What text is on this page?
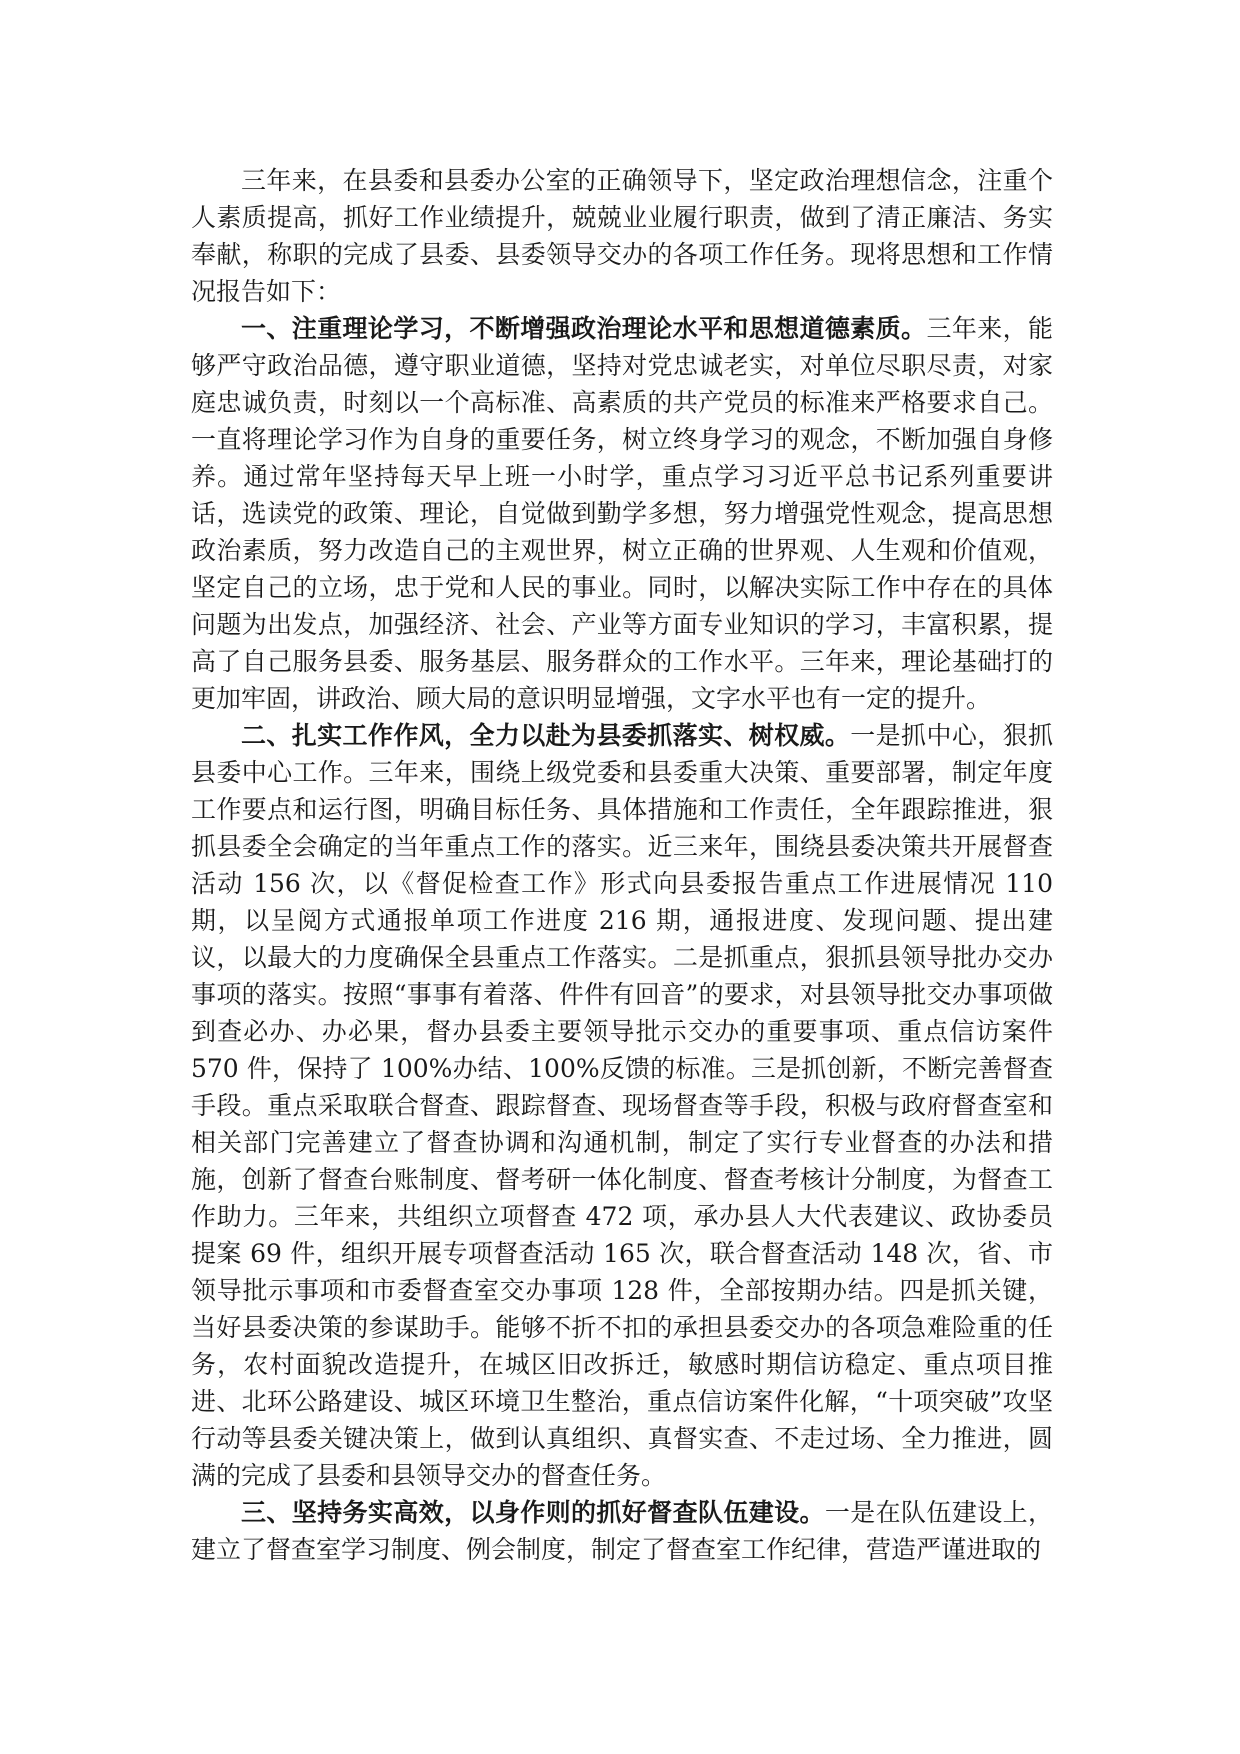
三年来，在县委和县委办公室的正确领导下，坚定政治理想信念，注重个人素质提高，抓好工作业绩提升，兢兢业业履行职责，做到了清正廉洁、务实奉献，称职的完成了县委、县委领导交办的各项工作任务。现将思想和工作情况报告如下：

一、注重理论学习，不断增强政治理论水平和思想道德素质。三年来，能够严守政治品德，遵守职业道德，坚持对党忠诚老实，对单位尽职尽责，对家庭忠诚负责，时刻以一个高标准、高素质的共产党员的标准来严格要求自己。一直将理论学习作为自身的重要任务，树立终身学习的观念，不断加强自身修养。通过常年坚持每天早上班一小时学，重点学习习近平总书记系列重要讲话，选读党的政策、理论，自觉做到勤学多想，努力增强党性观念，提高思想政治素质，努力改造自己的主观世界，树立正确的世界观、人生观和价值观，坚定自己的立场，忠于党和人民的事业。同时，以解决实际工作中存在的具体问题为出发点，加强经济、社会、产业等方面专业知识的学习，丰富积累，提高了自己服务县委、服务基层、服务群众的工作水平。三年来，理论基础打的更加牢固，讲政治、顾大局的意识明显增强，文字水平也有一定的提升。

二、扎实工作作风，全力以赴为县委抓落实、树权威。一是抓中心，狠抓县委中心工作。三年来，围绕上级党委和县委重大决策、重要部署，制定年度工作要点和运行图，明确目标任务、具体措施和工作责任，全年跟踪推进，狠抓县委全会确定的当年重点工作的落实。近三来年，围绕县委决策共开展督查活动 156 次，以《督促检查工作》形式向县委报告重点工作进展情况 110 期，以呈阅方式通报单项工作进度 216 期，通报进度、发现问题、提出建议，以最大的力度确保全县重点工作落实。二是抓重点，狠抓县领导批办交办事项的落实。按照“事事有着落、件件有回音”的要求，对县领导批交办事项做到查必办、办必果，督办县委主要领导批示交办的重要事项、重点信访案件 570 件，保持了 100%办结、100%反馈的标准。三是抓创新，不断完善督查手段。重点采取联合督查、跟踪督查、现场督查等手段，积极与政府督查室和相关部门完善建立了督查协调和沟通机制，制定了实行专业督查的办法和措施，创新了督查台账制度、督考研一体化制度、督查考核计分制度，为督查工作助力。三年来，共组织立项督查 472 项，承办县人大代表建议、政协委员提案 69 件，组织开展专项督查活动 165 次，联合督查活动 148 次，省、市领导批示事项和市委督查室交办事项 128 件，全部按期办结。四是抓关键，当好县委决策的参谋助手。能够不折不扣的承担县委交办的各项急难险重的任务，农村面貌改造提升，在城区旧改拆迁，敏感时期信访稳定、重点项目推进、北环公路建设、城区环境卫生整治，重点信访案件化解，“十项突破”攻坚行动等县委关键决策上，做到认真组织、真督实查、不走过场、全力推进，圆满的完成了县委和县领导交办的督查任务。

三、坚持务实高效，以身作则的抓好督查队伍建设。一是在队伍建设上，建立了督查室学习制度、例会制度，制定了督查室工作纪律，营造严谨进取的
